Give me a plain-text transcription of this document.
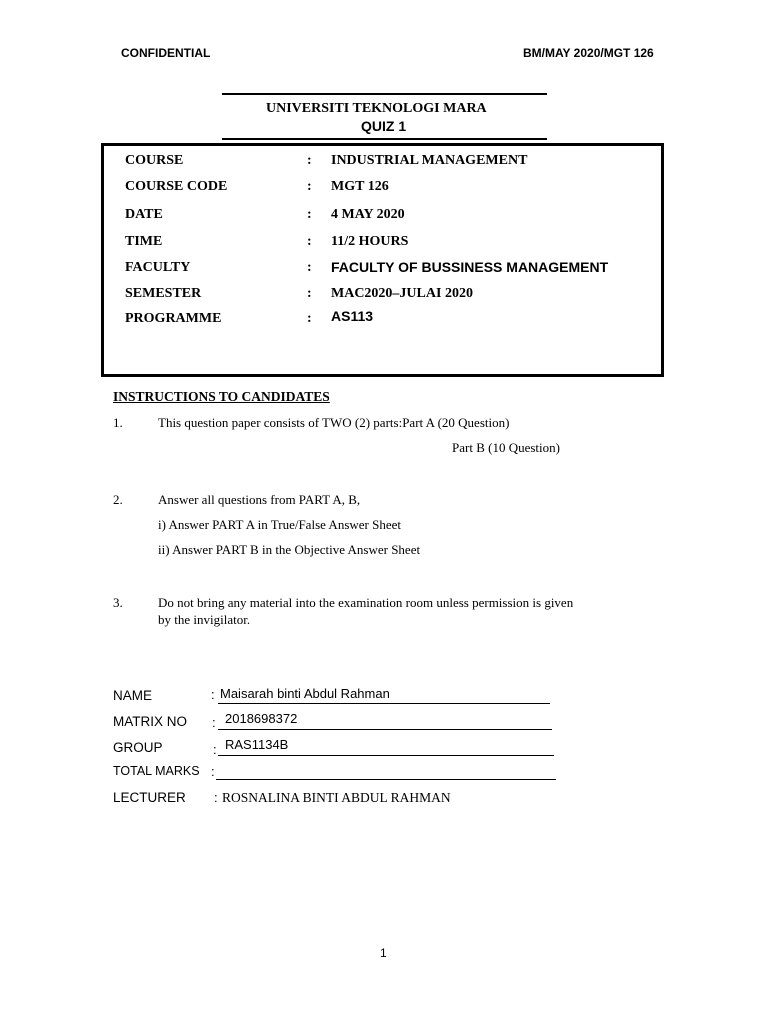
CONFIDENTIAL	BM/MAY 2020/MGT 126
UNIVERSITI TEKNOLOGI MARA
QUIZ 1
COURSE	: INDUSTRIAL MANAGEMENT
COURSE CODE	: MGT 126
DATE	: 4 MAY 2020
TIME	: 11/2 HOURS
FACULTY	: FACULTY OF BUSSINESS MANAGEMENT
SEMESTER	: MAC2020–JULAI 2020
PROGRAMME	: AS113
INSTRUCTIONS TO CANDIDATES
1.	This question paper consists of TWO (2) parts:Part A (20 Question)
Part B (10 Question)
2.	Answer all questions from PART A, B,
i) Answer PART A in True/False Answer Sheet
ii) Answer PART B in the Objective Answer Sheet
3.	Do not bring any material into the examination room unless permission is given
by the invigilator.
NAME	: Maisarah binti Abdul Rahman
MATRIX NO : 2018698372
GROUP	: RAS1134B
TOTAL MARKS :
LECTURER : ROSNALINA BINTI ABDUL RAHMAN
1
